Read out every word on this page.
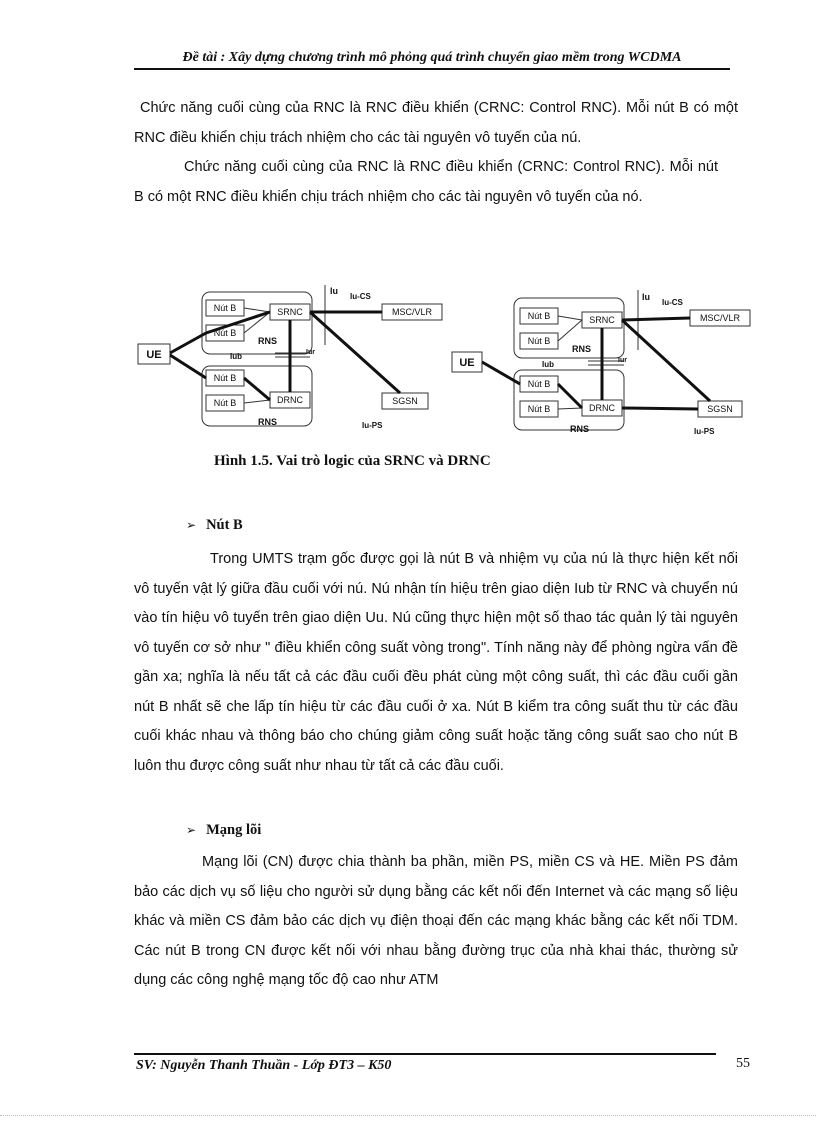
Đề tài : Xây dựng chương trình mô phỏng quá trình chuyển giao mềm trong WCDMA
Chức năng cuối cùng của RNC là RNC điều khiển (CRNC: Control RNC). Mỗi nút B có một RNC điều khiển chịu trách nhiệm cho các tài nguyên vô tuyến của nú.
Chức năng cuối cùng của RNC là RNC điều khiển (CRNC: Control RNC). Mỗi nút B có một RNC điều khiển chịu trách nhiệm cho các tài nguyên vô tuyến của nó.
Nút B
Nút B
Nút B
Nút B
SRNC
DRNC
UE
MSC/VLR
SGSN
RNS
RNS
Iub
Iu
Iu-CS
Iu-PS
Iur
Nút B
Nút B
Nút B
Nút B
SRNC
DRNC
UE
MSC/VLR
SGSN
RNS
RNS
Iub
Iu
Iu-CS
Iu-PS
Iur
Hình 1.5. Vai trò logic của SRNC và DRNC
➢ Nút B
Trong UMTS trạm gốc được gọi là nút B và nhiệm vụ của nú là thực hiện kết nối vô tuyến vật lý giữa đầu cuối với nú. Nú nhận tín hiệu trên giao diện Iub từ RNC và chuyển nú vào tín hiệu vô tuyến trên giao diện Uu. Nú cũng thực hiện một số thao tác quản lý tài nguyên vô tuyến cơ sở như " điều khiển công suất vòng trong". Tính năng này để phòng ngừa vấn đề gần xa; nghĩa là nếu tất cả các đầu cuối đều phát cùng một công suất, thì các đầu cuối gần nút B nhất sẽ che lấp tín hiệu từ các đầu cuối ở xa. Nút B kiểm tra công suất thu từ các đầu cuối khác nhau và thông báo cho chúng giảm công suất hoặc tăng công suất sao cho nút B luôn thu được công suất như nhau từ tất cả các đầu cuối.
➢ Mạng lõi
Mạng lõi (CN) được chia thành ba phần, miền PS, miền CS và HE. Miền PS đảm bảo các dịch vụ số liệu cho người sử dụng bằng các kết nối đến Internet và các mạng số liệu khác và miền CS đảm bảo các dịch vụ điện thoại đến các mạng khác bằng các kết nối TDM. Các nút B trong CN được kết nối với nhau bằng đường trục của nhà khai thác, thường sử dụng các công nghệ mạng tốc độ cao như ATM
SV: Nguyễn Thanh Thuần - Lớp ĐT3 – K50	55
